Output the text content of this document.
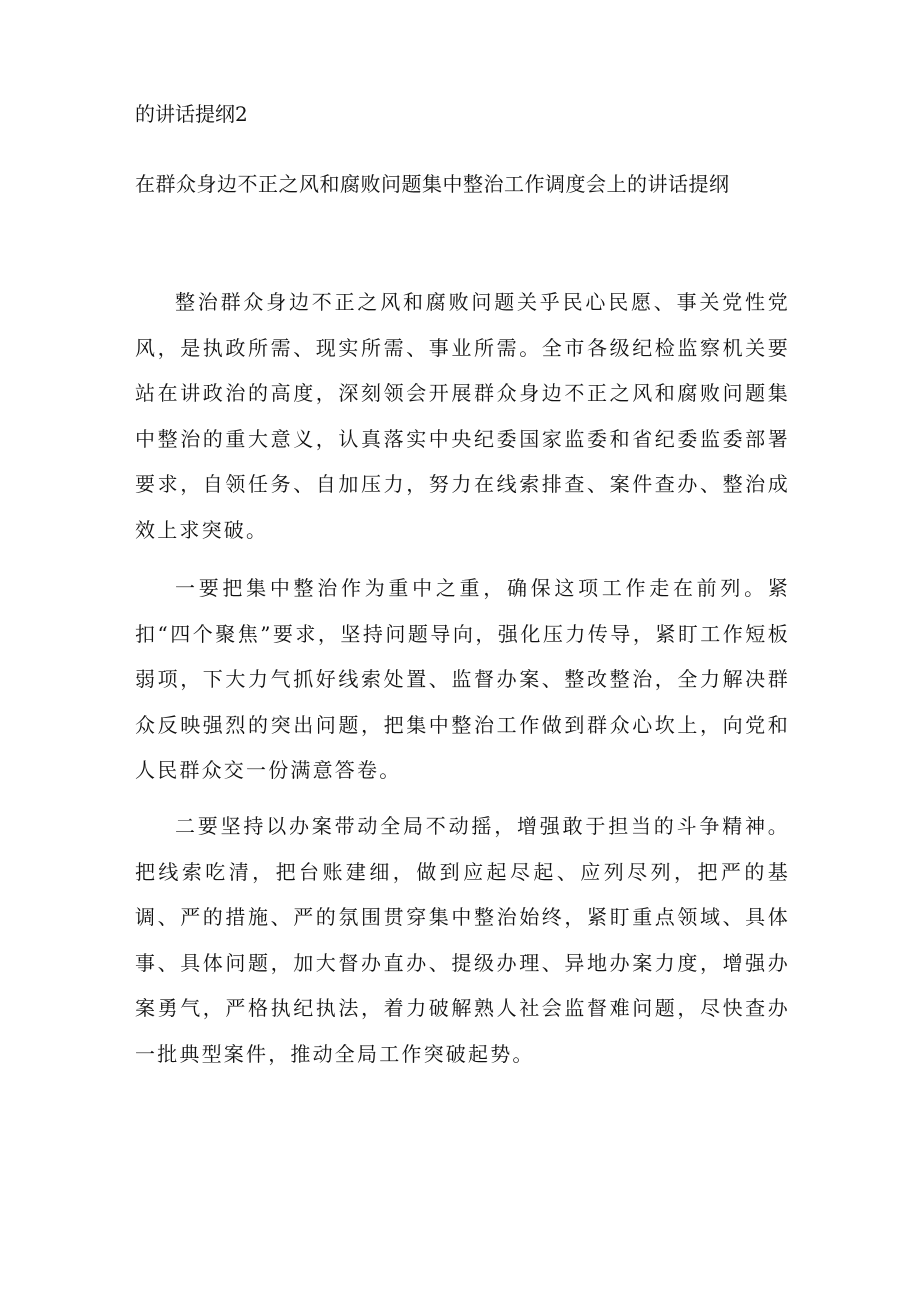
的讲话提纲2
在群众身边不正之风和腐败问题集中整治工作调度会上的讲话提纲

整治群众身边不正之风和腐败问题关乎民心民愿、事关党性党风，是执政所需、现实所需、事业所需。全市各级纪检监察机关要站在讲政治的高度，深刻领会开展群众身边不正之风和腐败问题集中整治的重大意义，认真落实中央纪委国家监委和省纪委监委部署要求，自领任务、自加压力，努力在线索排查、案件查办、整治成效上求突破。

一要把集中整治作为重中之重，确保这项工作走在前列。紧扣“四个聚焦”要求，坚持问题导向，强化压力传导，紧盯工作短板弱项，下大力气抓好线索处置、监督办案、整改整治，全力解决群众反映强烈的突出问题，把集中整治工作做到群众心坎上，向党和人民群众交一份满意答卷。

二要坚持以办案带动全局不动摇，增强敢于担当的斗争精神。把线索吃清，把台账建细，做到应起尽起、应列尽列，把严的基调、严的措施、严的氛围贯穿集中整治始终，紧盯重点领域、具体事、具体问题，加大督办直办、提级办理、异地办案力度，增强办案勇气，严格执纪执法，着力破解熟人社会监督难问题，尽快查办一批典型案件，推动全局工作突破起势。
